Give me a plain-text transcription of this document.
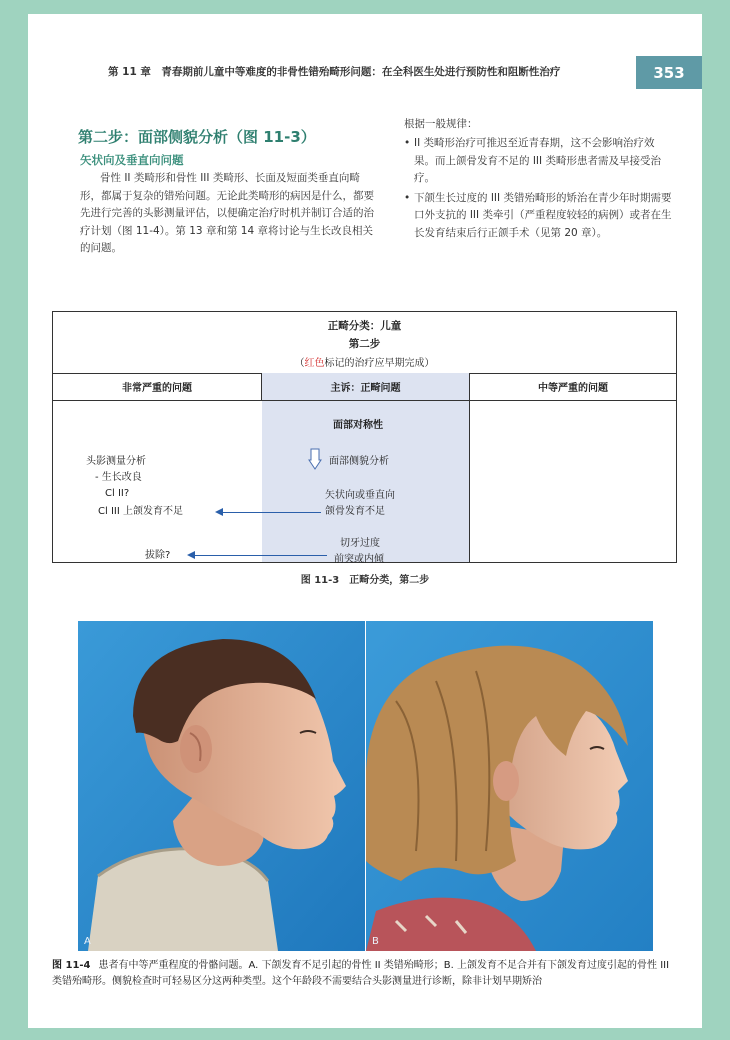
第 11 章　青春期前儿童中等难度的非骨性错殆畸形问题：在全科医生处进行预防性和阻断性治疗	353
第二步：面部侧貌分析（图 11-3）
矢状向及垂直向问题

骨性 II 类畸形和骨性 III 类畸形、长面及短面类垂直向畸形，都属于复杂的错殆问题。无论此类畸形的病因是什么，都要先进行完善的头影测量评估，以便确定治疗时机并制订合适的治疗计划（图 11-4）。第 13 章和第 14 章将讨论与生长改良相关的问题。

根据一般规律：

• II 类畸形治疗可推迟至近青春期，这不会影响治疗效果。而上颌骨发育不足的 III 类畸形患者需及早接受治疗。

• 下颌生长过度的 III 类错殆畸形的矫治在青少年时期需要口外支抗的 III 类牵引（严重程度较轻的病例）或者在生长发育结束后行正颌手术（见第 20 章）。

正畸分类：儿童
第二步
（红色标记的治疗应早期完成）
非常严重的问题	主诉：正畸问题	中等严重的问题
面部对称性
面部侧貌分析
矢状向或垂直向
颌骨发育不足
切牙过度
前突或内倾
头影测量分析
- 生长改良
Cl II?
Cl III 上颌发育不足
拔除?
图 11-3　正畸分类，第二步
A	B

图 11-4 患者有中等严重程度的骨骼问题。A. 下颌发育不足引起的骨性 II 类错殆畸形；B. 上颌发育不足合并有下颌发育过度引起的骨性 III 类错殆畸形。侧貌检查时可轻易区分这两种类型。这个年龄段不需要结合头影测量进行诊断，除非计划早期矫治
